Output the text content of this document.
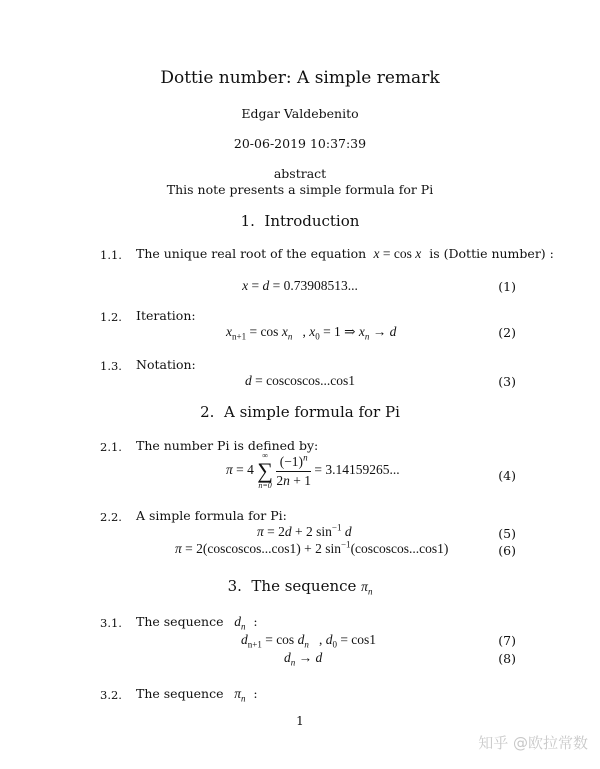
Dottie number: A simple remark
Edgar Valdebenito
20-06-2019 10:37:39
abstract
This note presents a simple formula for Pi
1. Introduction
1.1. The unique real root of the equation  x = cos x is (Dottie number) :
x = d = 0.73908513...	(1)
1.2. Iteration:
$x_{n+1} = \cos x_n$ , $x_0 = 1$ ⇒ $x_n \to d$	(2)
1.3. Notation:
d = coscoscos...cos1	(3)
2. A simple formula for Pi
2.1. The number Pi is defined by:
π = 4
∞
∑
n=0
$\frac{(-1)^n}{2n + 1} = 3.14159265$...	(4)
2.2. A simple formula for Pi:
π = 2d + 2 $\sin^{-1} d$	(5)
π = 2(coscoscos...cos1) + 2 $\sin^{-1}(coscoscos...\cos 1)$	(6)
3. The sequence $\pi_n$
3.1. The sequence   $d_n$  :
$d_{n+1} = \cos d_n$ , $d_0 = \cos 1$	(7)
$d_n \to d$	(8)
3.2. The sequence   $\pi_n$  :
1
知乎 @欧拉常数
